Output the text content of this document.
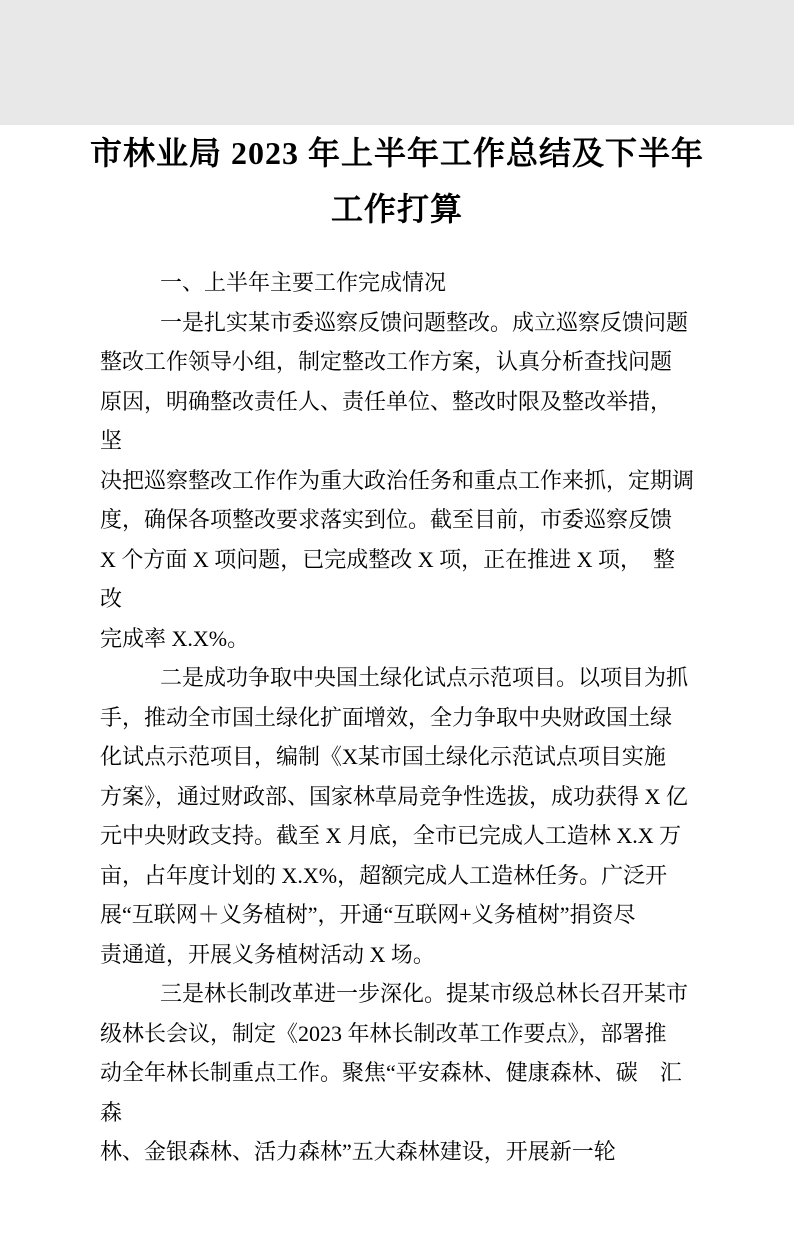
市林业局 2023 年上半年工作总结及下半年
工作打算
一、上半年主要工作完成情况
一是扎实某市委巡察反馈问题整改。成立巡察反馈问题
整改工作领导小组，制定整改工作方案，认真分析查找问题
原因，明确整改责任人、责任单位、整改时限及整改举措，　坚
决把巡察整改工作作为重大政治任务和重点工作来抓，定期调
度，确保各项整改要求落实到位。截至目前，市委巡察反馈
X 个方面 X 项问题，已完成整改 X 项，正在推进 X 项，　整改
完成率 X.X%。
二是成功争取中央国土绿化试点示范项目。以项目为抓
手，推动全市国土绿化扩面增效，全力争取中央财政国土绿
化试点示范项目，编制《X某市国土绿化示范试点项目实施
方案》，通过财政部、国家林草局竞争性选拔，成功获得 X 亿
元中央财政支持。截至 X 月底，全市已完成人工造林 X.X 万
亩，占年度计划的 X.X%，超额完成人工造林任务。广泛开
展“互联网＋义务植树”，开通“互联网+义务植树”捐资尽
责通道，开展义务植树活动 X 场。
三是林长制改革进一步深化。提某市级总林长召开某市
级林长会议，制定《2023 年林长制改革工作要点》，部署推
动全年林长制重点工作。聚焦“平安森林、健康森林、碳　汇森
林、金银森林、活力森林”五大森林建设，开展新一轮
